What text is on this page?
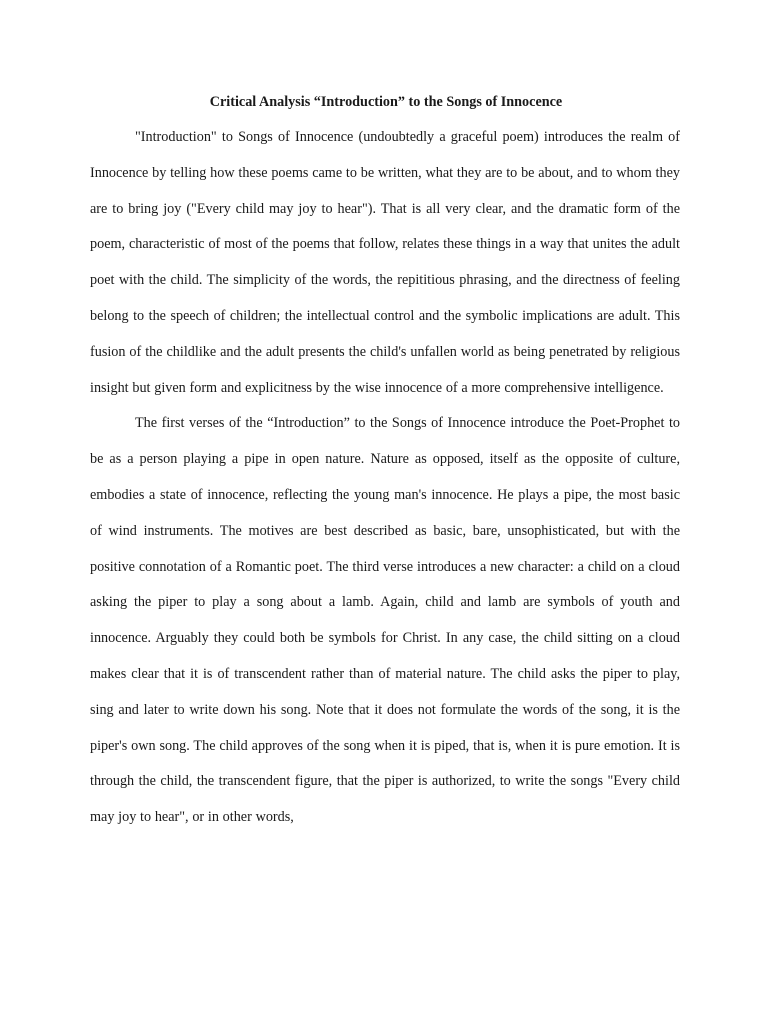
Critical Analysis “Introduction” to the Songs of Innocence

"Introduction" to Songs of Innocence (undoubtedly a graceful poem) introduces the realm of Innocence by telling how these poems came to be written, what they are to be about, and to whom they are to bring joy ("Every child may joy to hear"). That is all very clear, and the dramatic form of the poem, characteristic of most of the poems that follow, relates these things in a way that unites the adult poet with the child. The simplicity of the words, the repititious phrasing, and the directness of feeling belong to the speech of children; the intellectual control and the symbolic implications are adult. This fusion of the childlike and the adult presents the child's unfallen world as being penetrated by religious insight but given form and explicitness by the wise innocence of a more comprehensive intelligence.

The first verses of the “Introduction” to the Songs of Innocence introduce the Poet-Prophet to be as a person playing a pipe in open nature. Nature as opposed, itself as the opposite of culture, embodies a state of innocence, reflecting the young man's innocence. He plays a pipe, the most basic of wind instruments. The motives are best described as basic, bare, unsophisticated, but with the positive connotation of a Romantic poet. The third verse introduces a new character: a child on a cloud asking the piper to play a song about a lamb. Again, child and lamb are symbols of youth and innocence. Arguably they could both be symbols for Christ. In any case, the child sitting on a cloud makes clear that it is of transcendent rather than of material nature. The child asks the piper to play, sing and later to write down his song. Note that it does not formulate the words of the song, it is the piper's own song. The child approves of the song when it is piped, that is, when it is pure emotion. It is through the child, the transcendent figure, that the piper is authorized, to write the songs "Every child may joy to hear", or in other words,
